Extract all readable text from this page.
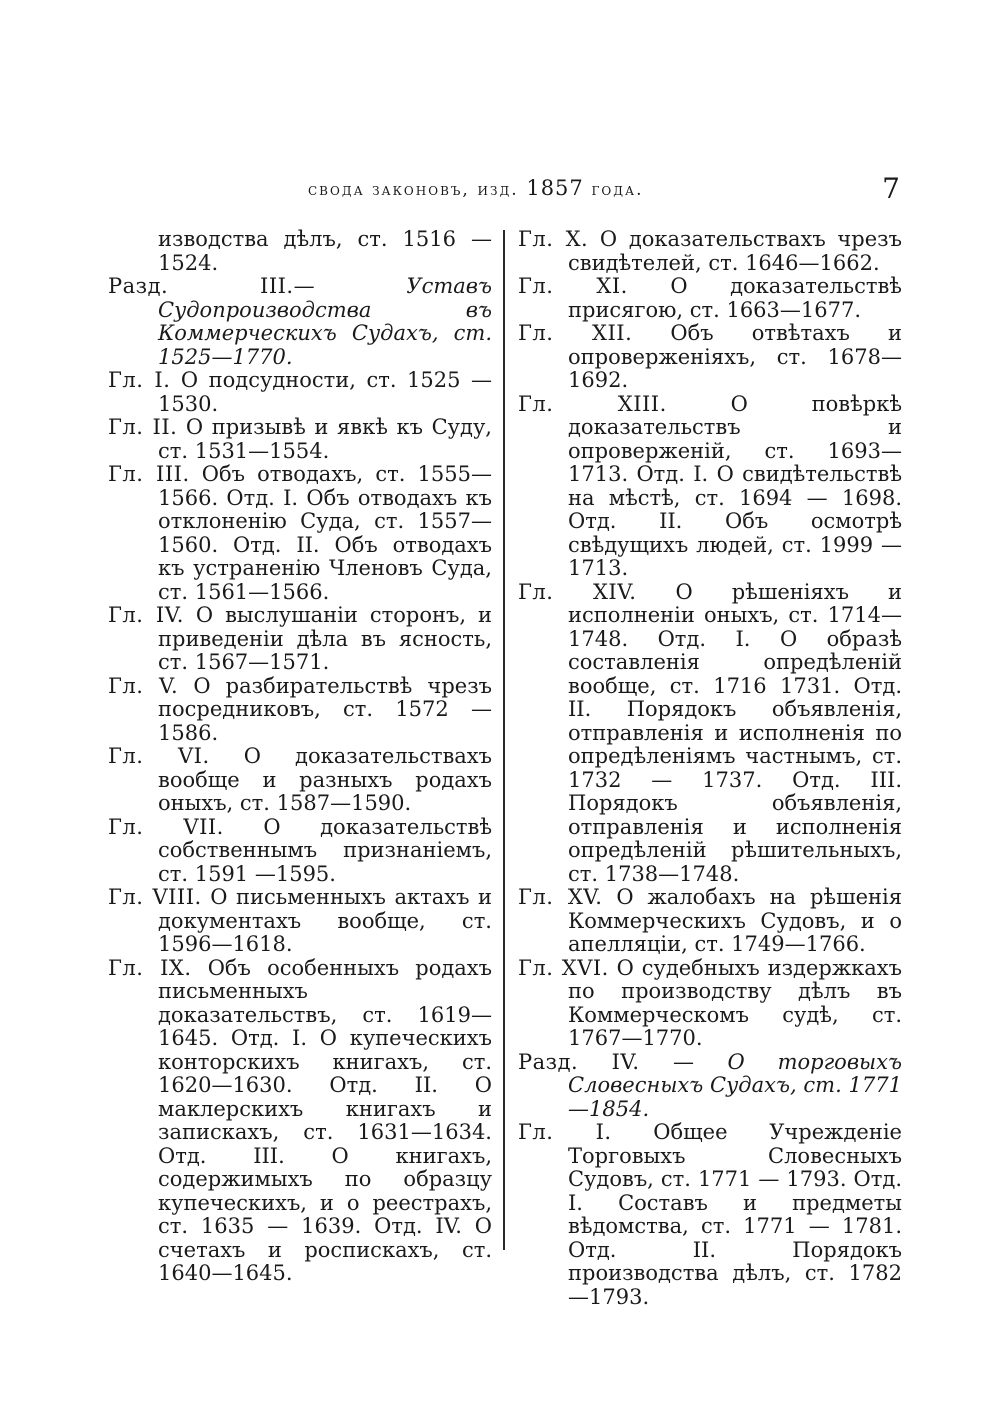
свода законовъ, изд. 1857 года.	7

изводства дѣлъ, ст. 1516 — 1524.

Разд. III.—	Уставъ Судопроизводства въ Коммерческихъ Судахъ, ст. 1525—1770.

Гл. I. О подсудности, ст. 1525 — 1530.

Гл. II. О призывѣ и явкѣ къ Суду, ст. 1531—1554.

Гл. III. Объ отводахъ, ст. 1555—1566. Отд. I. Объ отводахъ къ отклоненію Суда, ст. 1557—1560. Отд. II. Объ отводахъ къ устраненію Членовъ Суда, ст. 1561—1566.

Гл. IV. О выслушаніи сторонъ, и приведеніи дѣла въ ясность, ст. 1567—1571.

Гл. V. О разбирательствѣ чрезъ посредниковъ, ст. 1572 — 1586.

Гл. VI. О доказательствахъ вообще и разныхъ родахъ оныхъ, ст. 1587—1590.

Гл. VII. О доказательствѣ собственнымъ признаніемъ, ст. 1591 —1595.

Гл. VIII. О письменныхъ актахъ и документахъ вообще, ст. 1596—1618.

Гл. IX. Объ особенныхъ родахъ письменныхъ доказательствъ, ст. 1619—1645. Отд. I. О купеческихъ конторскихъ книгахъ, ст. 1620—1630. Отд. II. О маклерскихъ книгахъ и запискахъ, ст. 1631—1634. Отд. III. О книгахъ, содержимыхъ по образцу купеческихъ, и о реестрахъ, ст. 1635 — 1639. Отд. IV. О счетахъ и роспискахъ, ст. 1640—1645.

Гл. X. О доказательствахъ чрезъ свидѣтелей, ст. 1646—1662.

Гл. XI. О доказательствѣ присягою, ст. 1663—1677.

Гл. XII. Объ отвѣтахъ и опроверженіяхъ, ст. 1678—1692.

Гл. XIII.	О повѣркѣ доказательствъ и опроверженій, ст. 1693—1713. Отд. I. О свидѣтельствѣ на мѣстѣ, ст. 1694 — 1698. Отд. II. Объ осмотрѣ свѣдущихъ людей, ст. 1999 — 1713.

Гл. XIV. О рѣшеніяхъ и исполненіи оныхъ, ст. 1714—1748. Отд. I. О образѣ составленія опредѣленій вообще, ст. 1716 1731. Отд. II. Порядокъ объявленія, отправленія и исполненія по опредѣленіямъ частнымъ, ст. 1732 — 1737. Отд. III. Порядокъ объявленія, отправленія и исполненія опредѣленій рѣшительныхъ, ст. 1738—1748.

Гл. XV. О жалобахъ на рѣшенія Коммерческихъ Судовъ, и о апелляціи, ст. 1749—1766.

Гл. XVI. О судебныхъ издержкахъ по производству дѣлъ въ Коммерческомъ судѣ, ст. 1767—1770.

Разд. IV. — О торговыхъ Словесныхъ Судахъ, ст. 1771—1854.

Гл. I. Общее Учрежденіе Торговыхъ Словесныхъ Судовъ, ст. 1771 — 1793. Отд. I. Составъ и предметы вѣдомства, ст. 1771 — 1781. Отд. II. Порядокъ производства дѣлъ, ст. 1782—1793.
